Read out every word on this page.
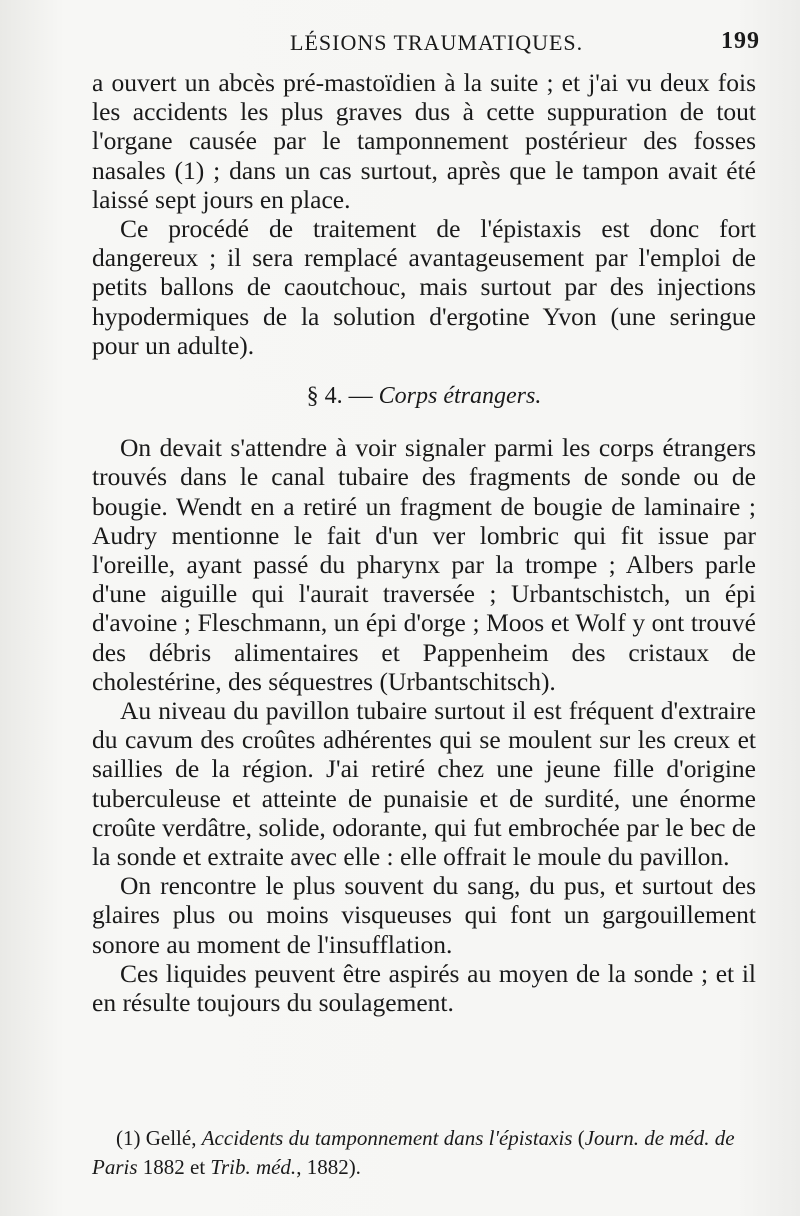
LÉSIONS TRAUMATIQUES.	199

a ouvert un abcès pré-mastoïdien à la suite ; et j'ai vu deux fois les accidents les plus graves dus à cette suppuration de tout l'organe causée par le tamponnement postérieur des fosses nasales (1) ; dans un cas surtout, après que le tampon avait été laissé sept jours en place.

Ce procédé de traitement de l'épistaxis est donc fort dangereux ; il sera remplacé avantageusement par l'emploi de petits ballons de caoutchouc, mais surtout par des injections hypodermiques de la solution d'ergotine Yvon (une seringue pour un adulte).

§ 4. — Corps étrangers.

On devait s'attendre à voir signaler parmi les corps étrangers trouvés dans le canal tubaire des fragments de sonde ou de bougie. Wendt en a retiré un fragment de bougie de laminaire ; Audry mentionne le fait d'un ver lombric qui fit issue par l'oreille, ayant passé du pharynx par la trompe ; Albers parle d'une aiguille qui l'aurait traversée ; Urbantschistch, un épi d'avoine ; Fleschmann, un épi d'orge ; Moos et Wolf y ont trouvé des débris alimentaires et Pappenheim des cristaux de cholestérine, des séquestres (Urbantschitsch).

Au niveau du pavillon tubaire surtout il est fréquent d'extraire du cavum des croûtes adhérentes qui se moulent sur les creux et saillies de la région. J'ai retiré chez une jeune fille d'origine tuberculeuse et atteinte de punaisie et de surdité, une énorme croûte verdâtre, solide, odorante, qui fut embrochée par le bec de la sonde et extraite avec elle : elle offrait le moule du pavillon.

On rencontre le plus souvent du sang, du pus, et surtout des glaires plus ou moins visqueuses qui font un gargouillement sonore au moment de l'insufflation.

Ces liquides peuvent être aspirés au moyen de la sonde ; et il en résulte toujours du soulagement.

(1) Gellé, Accidents du tamponnement dans l'épistaxis (Journ. de méd. de Paris 1882 et Trib. méd., 1882).
